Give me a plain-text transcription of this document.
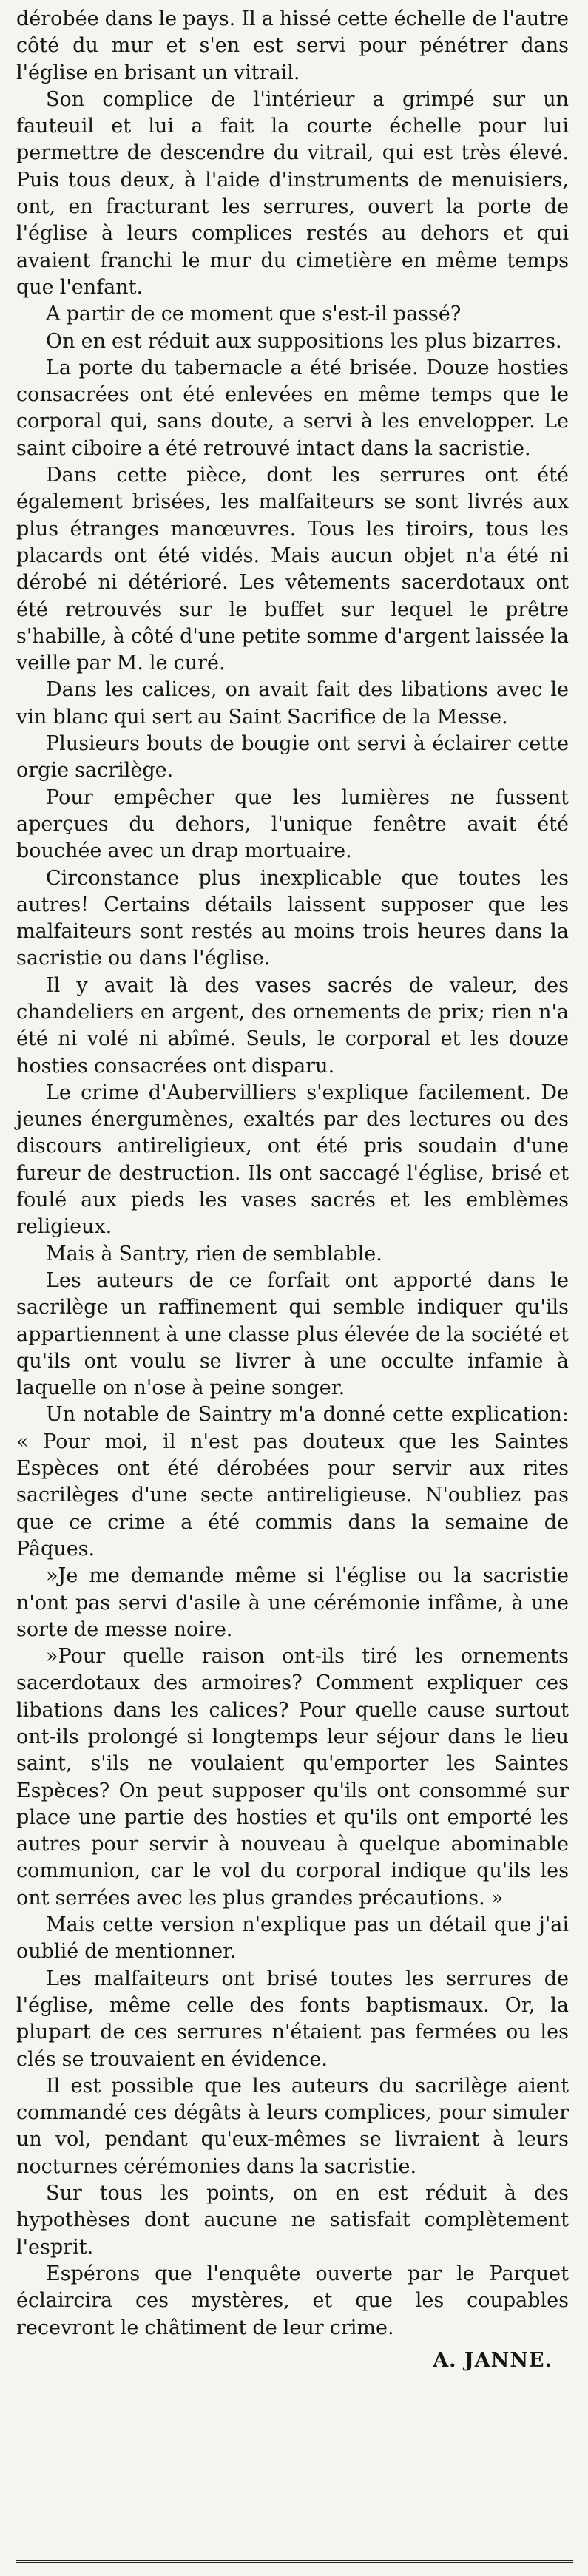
dérobée dans le pays. Il a hissé cette échelle de l'autre côté du mur et s'en est servi pour pénétrer dans l'église en brisant un vitrail.

Son complice de l'intérieur a grimpé sur un fauteuil et lui a fait la courte échelle pour lui permettre de descendre du vitrail, qui est très élevé. Puis tous deux, à l'aide d'instruments de menuisiers, ont, en fracturant les serrures, ouvert la porte de l'église à leurs complices restés au dehors et qui avaient franchi le mur du cimetière en même temps que l'enfant.

A partir de ce moment que s'est-il passé?

On en est réduit aux suppositions les plus bizarres.

La porte du tabernacle a été brisée. Douze hosties consacrées ont été enlevées en même temps que le corporal qui, sans doute, a servi à les envelopper. Le saint ciboire a été retrouvé intact dans la sacristie.

Dans cette pièce, dont les serrures ont été également brisées, les malfaiteurs se sont livrés aux plus étranges manœuvres. Tous les tiroirs, tous les placards ont été vidés. Mais aucun objet n'a été ni dérobé ni détérioré. Les vêtements sacerdotaux ont été retrouvés sur le buffet sur lequel le prêtre s'habille, à côté d'une petite somme d'argent laissée la veille par M. le curé.

Dans les calices, on avait fait des libations avec le vin blanc qui sert au Saint Sacrifice de la Messe.

Plusieurs bouts de bougie ont servi à éclairer cette orgie sacrilège.

Pour empêcher que les lumières ne fussent aperçues du dehors, l'unique fenêtre avait été bouchée avec un drap mortuaire.

Circonstance plus inexplicable que toutes les autres! Certains détails laissent supposer que les malfaiteurs sont restés au moins trois heures dans la sacristie ou dans l'église.

Il y avait là des vases sacrés de valeur, des chandeliers en argent, des ornements de prix; rien n'a été ni volé ni abîmé. Seuls, le corporal et les douze hosties consacrées ont disparu.

Le crime d'Aubervilliers s'explique facilement. De jeunes énergumènes, exaltés par des lectures ou des discours antireligieux, ont été pris soudain d'une fureur de destruction. Ils ont saccagé l'église, brisé et foulé aux pieds les vases sacrés et les emblèmes religieux.

Mais à Santry, rien de semblable.

Les auteurs de ce forfait ont apporté dans le sacrilège un raffinement qui semble indiquer qu'ils appartiennent à une classe plus élevée de la société et qu'ils ont voulu se livrer à une occulte infamie à laquelle on n'ose à peine songer.

Un notable de Saintry m'a donné cette explication: « Pour moi, il n'est pas douteux que les Saintes Espèces ont été dérobées pour servir aux rites sacrilèges d'une secte antireligieuse. N'oubliez pas que ce crime a été commis dans la semaine de Pâques.

»Je me demande même si l'église ou la sacristie n'ont pas servi d'asile à une cérémonie infâme, à une sorte de messe noire.

»Pour quelle raison ont-ils tiré les ornements sacerdotaux des armoires? Comment expliquer ces libations dans les calices? Pour quelle cause surtout ont-ils prolongé si longtemps leur séjour dans le lieu saint, s'ils ne voulaient qu'emporter les Saintes Espèces? On peut supposer qu'ils ont consommé sur place une partie des hosties et qu'ils ont emporté les autres pour servir à nouveau à quelque abominable communion, car le vol du corporal indique qu'ils les ont serrées avec les plus grandes précautions. »

Mais cette version n'explique pas un détail que j'ai oublié de mentionner.

Les malfaiteurs ont brisé toutes les serrures de l'église, même celle des fonts baptismaux. Or, la plupart de ces serrures n'étaient pas fermées ou les clés se trouvaient en évidence.

Il est possible que les auteurs du sacrilège aient commandé ces dégâts à leurs complices, pour simuler un vol, pendant qu'eux-mêmes se livraient à leurs nocturnes cérémonies dans la sacristie.

Sur tous les points, on en est réduit à des hypothèses dont aucune ne satisfait complètement l'esprit.

Espérons que l'enquête ouverte par le Parquet éclaircira ces mystères, et que les coupables recevront le châtiment de leur crime.

A. JANNE.
